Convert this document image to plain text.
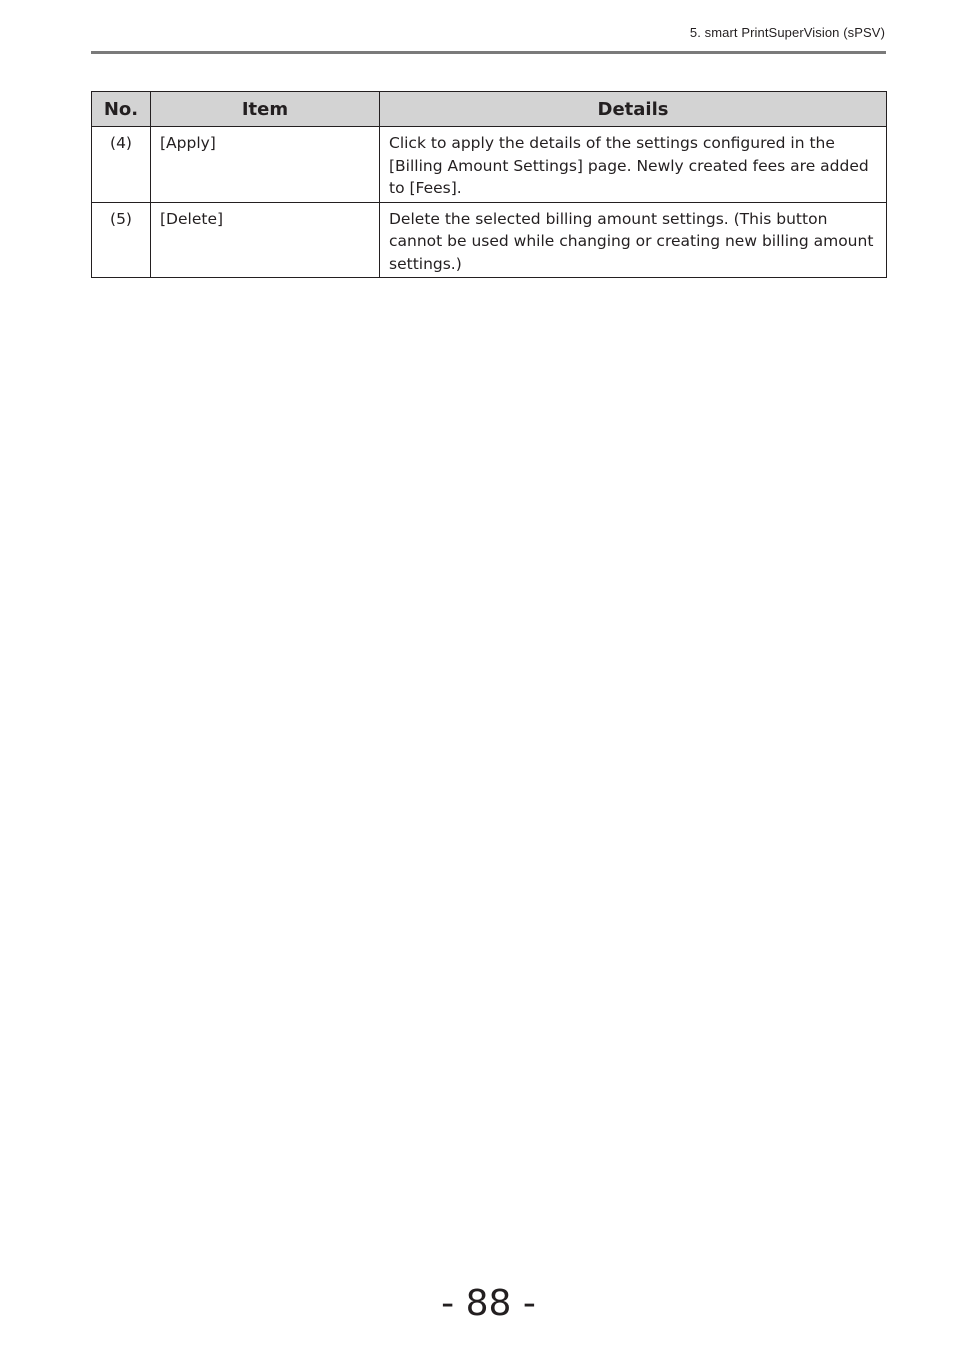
5. smart PrintSuperVision (sPSV)
No.	Item	Details
(4)	[Apply]	Click to apply the details of the settings configured in the [Billing Amount Settings] page. Newly created fees are added to [Fees].
(5)	[Delete]	Delete the selected billing amount settings. (This button cannot be used while changing or creating new billing amount settings.)
- 88 -
